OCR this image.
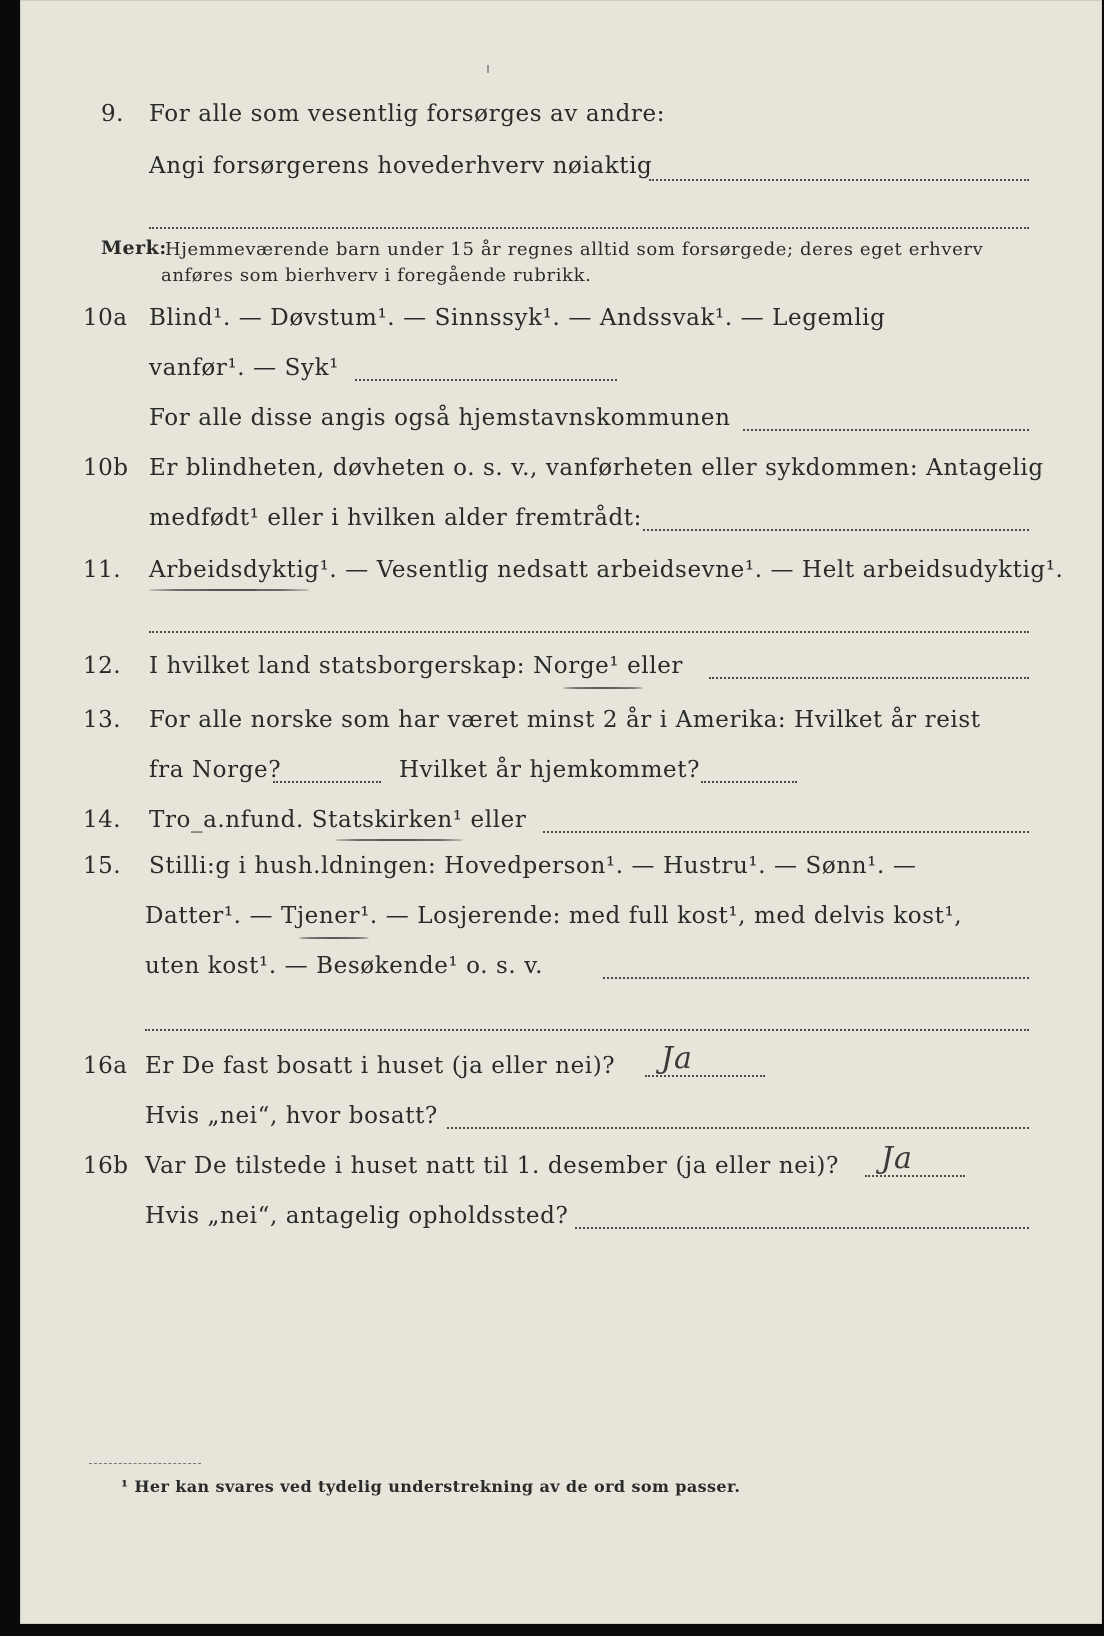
9. For alle som vesentlig forsørges av andre:
Angi forsørgerens hovederhverv nøiaktig
Merk:
Hjemmeværende barn under 15 år regnes alltid som forsørgede; deres eget erhverv
anføres som bierhverv i foregående rubrikk.
10a Blind¹. — Døvstum¹. — Sinnssyk¹. — Andssvak¹. — Legemlig
vanfør¹. — Syk¹
For alle disse angis også hjemstavnskommunen
10b Er blindheten, døvheten o. s. v., vanførheten eller sykdommen: Antagelig
medfødt¹ eller i hvilken alder fremtrådt:
11. Arbeidsdyktig¹. — Vesentlig nedsatt arbeidsevne¹. — Helt arbeidsudyktig¹.
12. I hvilket land statsborgerskap: Norge¹ eller
13. For alle norske som har været minst 2 år i Amerika: Hvilket år reist
fra Norge?	Hvilket år hjemkommet?
14. Tro_a.nfund. Statskirken¹ eller
15. Stilli:g i hush.ldningen: Hovedperson¹. — Hustru¹. — Sønn¹. —
Datter¹. — Tjener¹. — Losjerende: med full kost¹, med delvis kost¹,
uten kost¹. — Besøkende¹ o. s. v.
16a Er De fast bosatt i huset (ja eller nei)? Ja
Hvis „nei“, hvor bosatt?
16b Var De tilstede i huset natt til 1. desember (ja eller nei)? Ja
Hvis „nei“, antagelig opholdssted?
¹ Her kan svares ved tydelig understrekning av de ord som passer.
